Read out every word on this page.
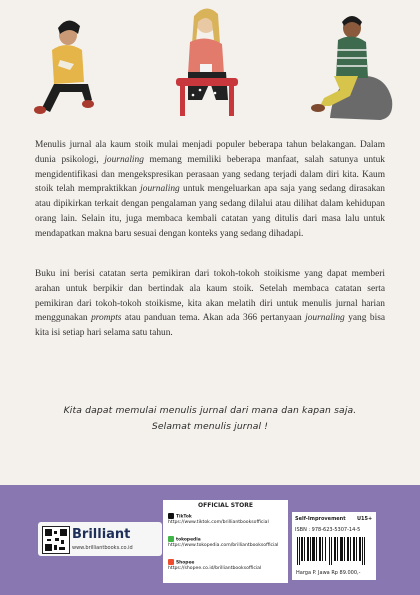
Menulis jurnal ala kaum stoik mulai menjadi populer beberapa tahun belakangan. Dalam dunia psikologi, journaling memang memiliki beberapa manfaat, salah satunya untuk mengidentifikasi dan mengekspresikan perasaan yang sedang terjadi dalam diri kita. Kaum stoik telah mempraktikkan journaling untuk mengeluarkan apa saja yang sedang dirasakan atau dipikirkan terkait dengan pengalaman yang sedang dilalui atau dilihat dalam kehidupan orang lain. Selain itu, juga membaca kembali catatan yang ditulis dari masa lalu untuk mendapatkan makna baru sesuai dengan konteks yang sedang dihadapi.
Buku ini berisi catatan serta pemikiran dari tokoh-tokoh stoikisme yang dapat memberi arahan untuk berpikir dan bertindak ala kaum stoik. Setelah membaca catatan serta pemikiran dari tokoh-tokoh stoikisme, kita akan melatih diri untuk menulis jurnal harian menggunakan prompts atau panduan tema. Akan ada 366 pertanyaan journaling yang bisa kita isi setiap hari selama satu tahun.
Kita dapat memulai menulis jurnal dari mana dan kapan saja.
Selamat menulis jurnal !
Brilliant
www.brilliantbooks.co.id
OFFICIAL STORE
TikTok
https://www.tiktok.com/brilliantbooksofficial
tokopedia
https://www.tokopedia.com/brilliantbooksofficial
Shopee
https://shopee.co.id/brilliantbooksofficial
Self-Improvement U15+
ISBN : 978-623-5307-14-5
Harga P. Jawa Rp 89.000,-
